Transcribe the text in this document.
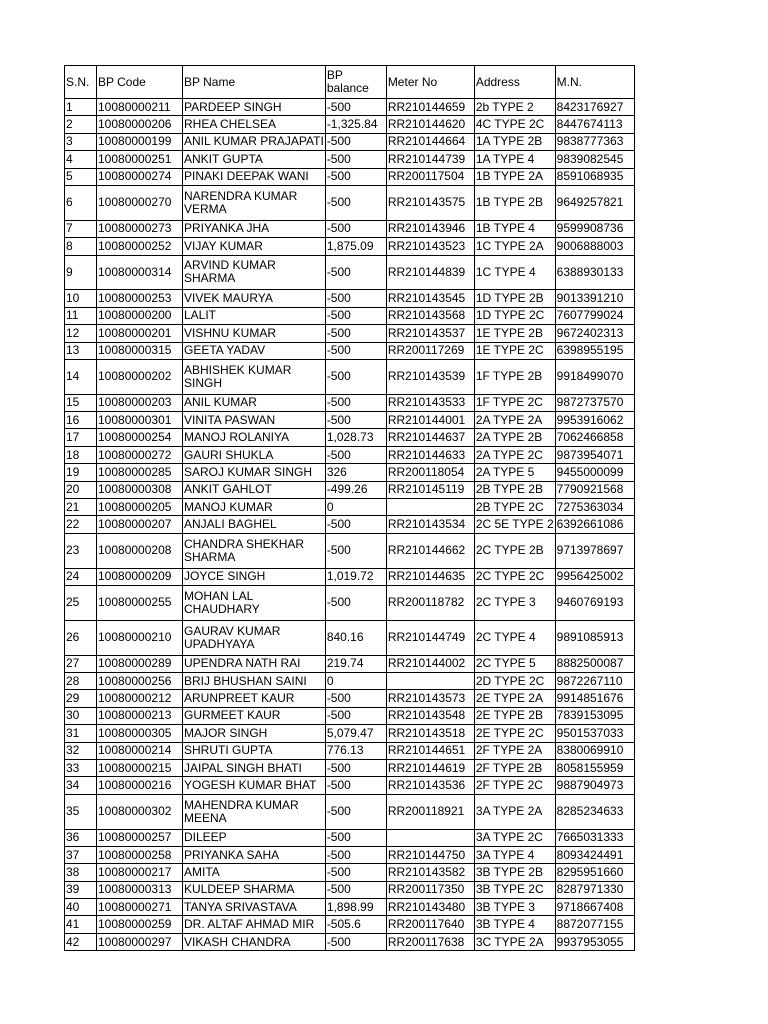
S.N.	BP Code	BP Name	BP balance	Meter No	Address	M.N.
1	10080000211	PARDEEP SINGH	-500	RR210144659	2b TYPE 2	8423176927
2	10080000206	RHEA CHELSEA	-1,325.84	RR210144620	4C TYPE 2C	8447674113
3	10080000199	ANIL KUMAR PRAJAPATI	-500	RR210144664	1A TYPE 2B	9838777363
4	10080000251	ANKIT GUPTA	-500	RR210144739	1A TYPE 4	9839082545
5	10080000274	PINAKI DEEPAK WANI	-500	RR200117504	1B TYPE 2A	8591068935
6	10080000270	NARENDRA KUMAR VERMA	-500	RR210143575	1B TYPE 2B	9649257821
7	10080000273	PRIYANKA JHA	-500	RR210143946	1B TYPE 4	9599908736
8	10080000252	VIJAY KUMAR	1,875.09	RR210143523	1C TYPE 2A	9006888003
9	10080000314	ARVIND KUMAR SHARMA	-500	RR210144839	1C TYPE 4	6388930133
10	10080000253	VIVEK MAURYA	-500	RR210143545	1D TYPE 2B	9013391210
11	10080000200	LALIT	-500	RR210143568	1D TYPE 2C	7607799024
12	10080000201	VISHNU KUMAR	-500	RR210143537	1E TYPE 2B	9672402313
13	10080000315	GEETA YADAV	-500	RR200117269	1E TYPE 2C	6398955195
14	10080000202	ABHISHEK KUMAR SINGH	-500	RR210143539	1F TYPE 2B	9918499070
15	10080000203	ANIL KUMAR	-500	RR210143533	1F TYPE 2C	9872737570
16	10080000301	VINITA PASWAN	-500	RR210144001	2A TYPE 2A	9953916062
17	10080000254	MANOJ ROLANIYA	1,028.73	RR210144637	2A TYPE 2B	7062466858
18	10080000272	GAURI SHUKLA	-500	RR210144633	2A TYPE 2C	9873954071
19	10080000285	SAROJ KUMAR SINGH	326	RR200118054	2A TYPE 5	9455000099
20	10080000308	ANKIT GAHLOT	-499.26	RR210145119	2B TYPE 2B	7790921568
21	10080000205	MANOJ KUMAR	0		2B TYPE 2C	7275363034
22	10080000207	ANJALI BAGHEL	-500	RR210143534	2C 5E TYPE 2	6392661086
23	10080000208	CHANDRA SHEKHAR SHARMA	-500	RR210144662	2C TYPE 2B	9713978697
24	10080000209	JOYCE SINGH	1,019.72	RR210144635	2C TYPE 2C	9956425002
25	10080000255	MOHAN LAL CHAUDHARY	-500	RR200118782	2C TYPE 3	9460769193
26	10080000210	GAURAV KUMAR UPADHYAYA	840.16	RR210144749	2C TYPE 4	9891085913
27	10080000289	UPENDRA NATH RAI	219.74	RR210144002	2C TYPE 5	8882500087
28	10080000256	BRIJ BHUSHAN SAINI	0		2D TYPE 2C	9872267110
29	10080000212	ARUNPREET KAUR	-500	RR210143573	2E TYPE 2A	9914851676
30	10080000213	GURMEET KAUR	-500	RR210143548	2E TYPE 2B	7839153095
31	10080000305	MAJOR SINGH	5,079.47	RR210143518	2E TYPE 2C	9501537033
32	10080000214	SHRUTI GUPTA	776.13	RR210144651	2F TYPE 2A	8380069910
33	10080000215	JAIPAL SINGH BHATI	-500	RR210144619	2F TYPE 2B	8058155959
34	10080000216	YOGESH KUMAR BHAT	-500	RR210143536	2F TYPE 2C	9887904973
35	10080000302	MAHENDRA KUMAR MEENA	-500	RR200118921	3A TYPE 2A	8285234633
36	10080000257	DILEEP	-500		3A TYPE 2C	7665031333
37	10080000258	PRIYANKA SAHA	-500	RR210144750	3A TYPE 4	8093424491
38	10080000217	AMITA	-500	RR210143582	3B TYPE 2B	8295951660
39	10080000313	KULDEEP SHARMA	-500	RR200117350	3B TYPE 2C	8287971330
40	10080000271	TANYA SRIVASTAVA	1,898.99	RR210143480	3B TYPE 3	9718667408
41	10080000259	DR. ALTAF AHMAD MIR	-505.6	RR200117640	3B TYPE 4	8872077155
42	10080000297	VIKASH CHANDRA	-500	RR200117638	3C TYPE 2A	9937953055
